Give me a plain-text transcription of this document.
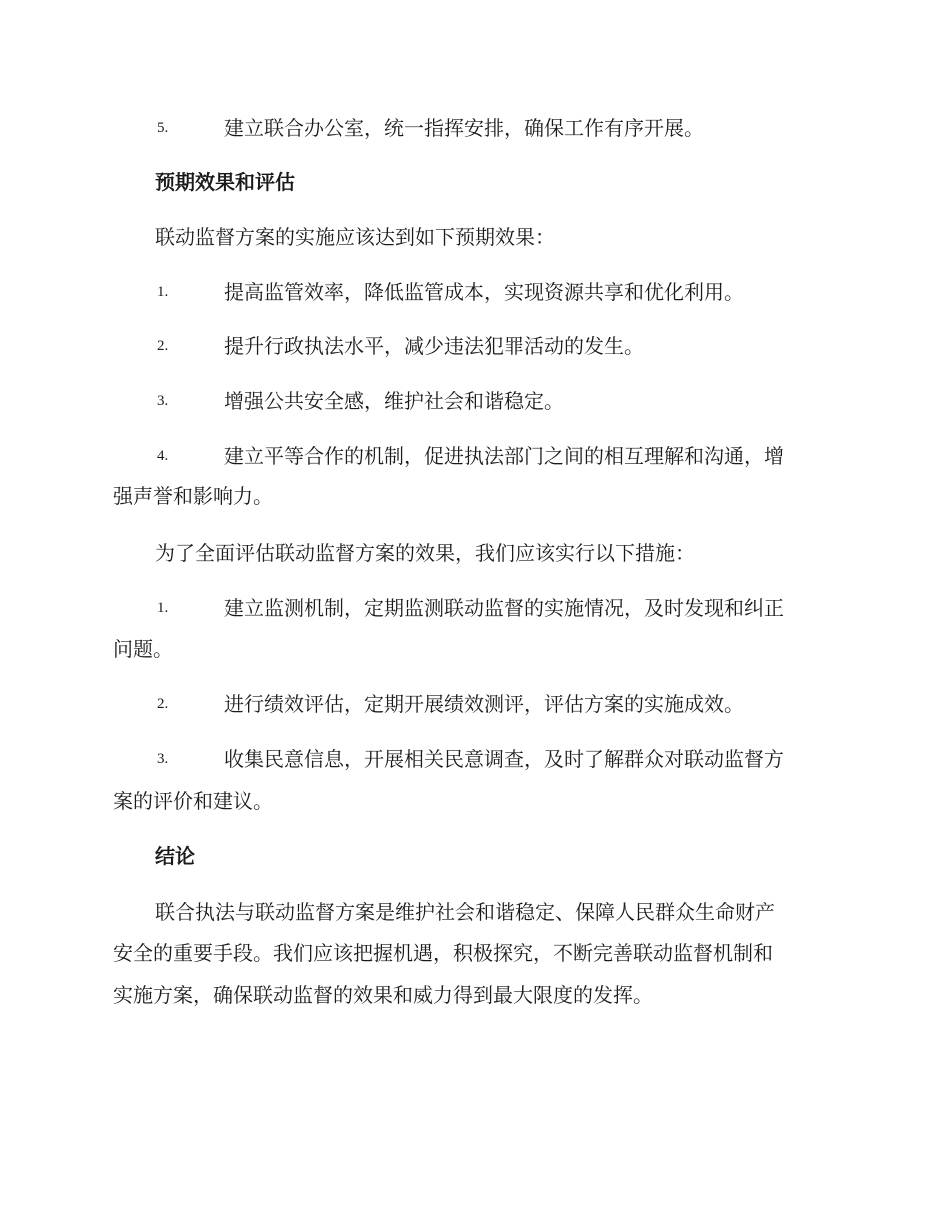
5.	建立联合办公室，统一指挥安排，确保工作有序开展。
预期效果和评估
联动监督方案的实施应该达到如下预期效果：
1.	提高监管效率，降低监管成本，实现资源共享和优化利用。
2.	提升行政执法水平，减少违法犯罪活动的发生。
3.	增强公共安全感，维护社会和谐稳定。
4.	建立平等合作的机制，促进执法部门之间的相互理解和沟通，增
强声誉和影响力。
为了全面评估联动监督方案的效果，我们应该实行以下措施：
1.	建立监测机制，定期监测联动监督的实施情况，及时发现和纠正
问题。
2.	进行绩效评估，定期开展绩效测评，评估方案的实施成效。
3.	收集民意信息，开展相关民意调查，及时了解群众对联动监督方
案的评价和建议。
结论
联合执法与联动监督方案是维护社会和谐稳定、保障人民群众生命财产
安全的重要手段。我们应该把握机遇，积极探究，不断完善联动监督机制和
实施方案，确保联动监督的效果和威力得到最大限度的发挥。
